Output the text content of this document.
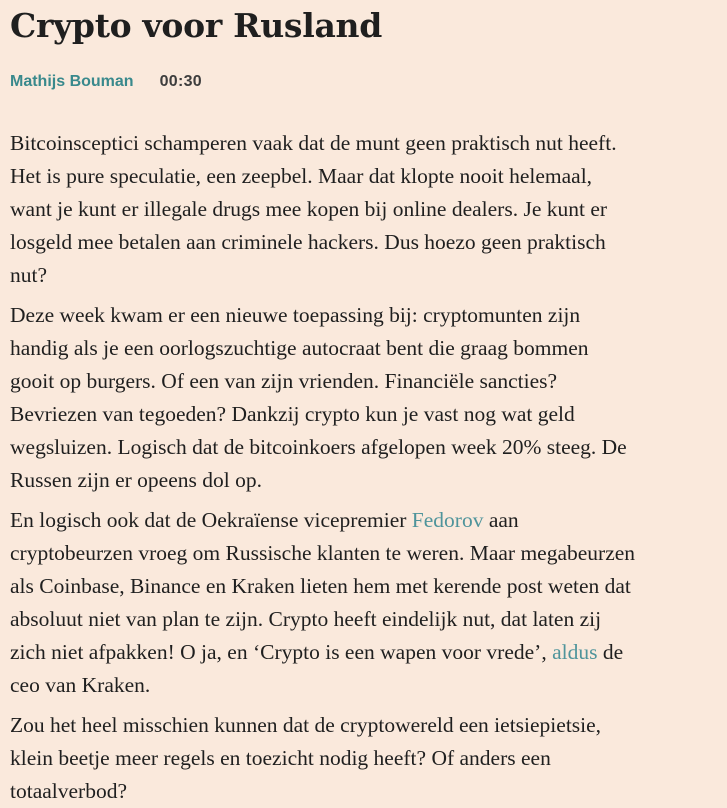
Crypto voor Rusland
Mathijs Bouman 00:30
Bitcoinsceptici schamperen vaak dat de munt geen praktisch nut heeft.
Het is pure speculatie, een zeepbel. Maar dat klopte nooit helemaal,
want je kunt er illegale drugs mee kopen bij online dealers. Je kunt er
losgeld mee betalen aan criminele hackers. Dus hoezo geen praktisch
nut?
Deze week kwam er een nieuwe toepassing bij: cryptomunten zijn
handig als je een oorlogszuchtige autocraat bent die graag bommen
gooit op burgers. Of een van zijn vrienden. Financiële sancties?
Bevriezen van tegoeden? Dankzij crypto kun je vast nog wat geld
wegsluizen. Logisch dat de bitcoinkoers afgelopen week 20% steeg. De
Russen zijn er opeens dol op.
En logisch ook dat de Oekraïense vicepremier Fedorov aan
cryptobeurzen vroeg om Russische klanten te weren. Maar megabeurzen
als Coinbase, Binance en Kraken lieten hem met kerende post weten dat
absoluut niet van plan te zijn. Crypto heeft eindelijk nut, dat laten zij
zich niet afpakken! O ja, en ‘Crypto is een wapen voor vrede’, aldus de
ceo van Kraken.
Zou het heel misschien kunnen dat de cryptowereld een ietsiepietsie,
klein beetje meer regels en toezicht nodig heeft? Of anders een
totaalverbod?
